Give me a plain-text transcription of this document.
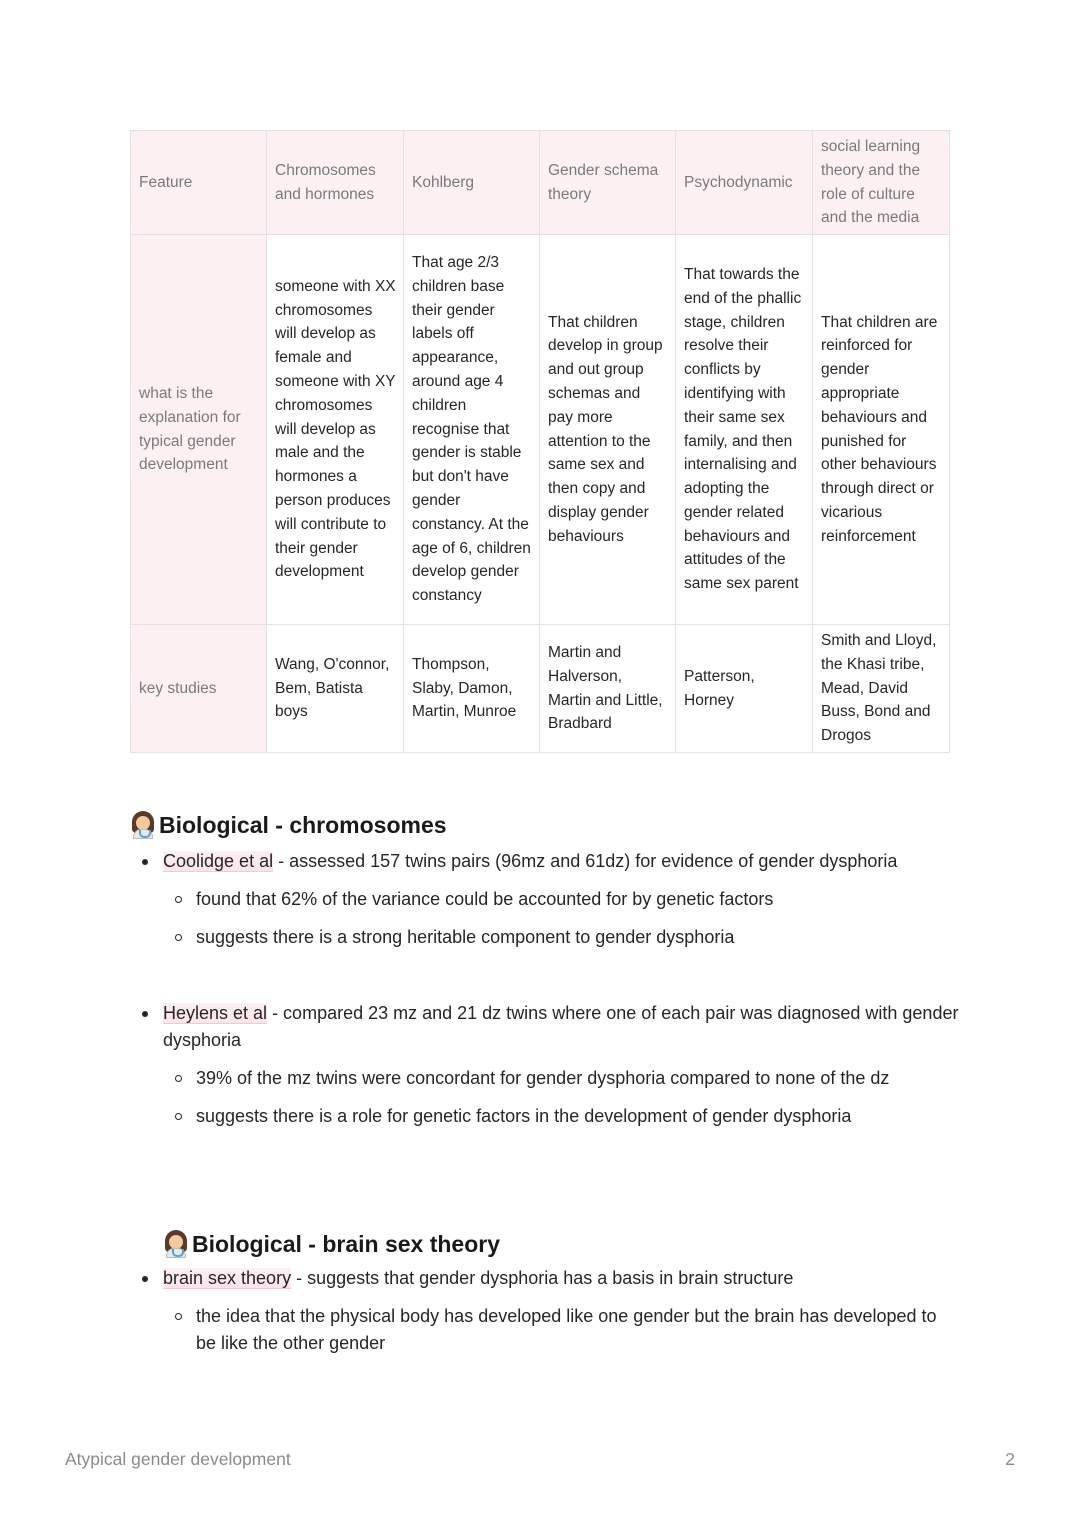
Feature	Chromosomes and hormones	Kohlberg	Gender schema theory	Psychodynamic	social learning theory and the role of culture and the media
what is the explanation for typical gender development	someone with XX chromosomes will develop as female and someone with XY chromosomes will develop as male and the hormones a person produces will contribute to their gender development	That age 2/3 children base their gender labels off appearance, around age 4 children recognise that gender is stable but don't have gender constancy. At the age of 6, children develop gender constancy	That children develop in group and out group schemas and pay more attention to the same sex and then copy and display gender behaviours	That towards the end of the phallic stage, children resolve their conflicts by identifying with their same sex family, and then internalising and adopting the gender related behaviours and attitudes of the same sex parent	That children are reinforced for gender appropriate behaviours and punished for other behaviours through direct or vicarious reinforcement
key studies	Wang, O'connor, Bem, Batista boys	Thompson, Slaby, Damon, Martin, Munroe	Martin and Halverson, Martin and Little, Bradbard	Patterson, Horney	Smith and Lloyd, the Khasi tribe, Mead, David Buss, Bond and Drogos
Biological - chromosomes
Coolidge et al - assessed 157 twins pairs (96mz and 61dz) for evidence of gender dysphoria
found that 62% of the variance could be accounted for by genetic factors
suggests there is a strong heritable component to gender dysphoria
Heylens et al - compared 23 mz and 21 dz twins where one of each pair was diagnosed with gender dysphoria
39% of the mz twins were concordant for gender dysphoria compared to none of the dz
suggests there is a role for genetic factors in the development of gender dysphoria
Biological - brain sex theory
brain sex theory - suggests that gender dysphoria has a basis in brain structure
the idea that the physical body has developed like one gender but the brain has developed to be like the other gender
Atypical gender development	2
